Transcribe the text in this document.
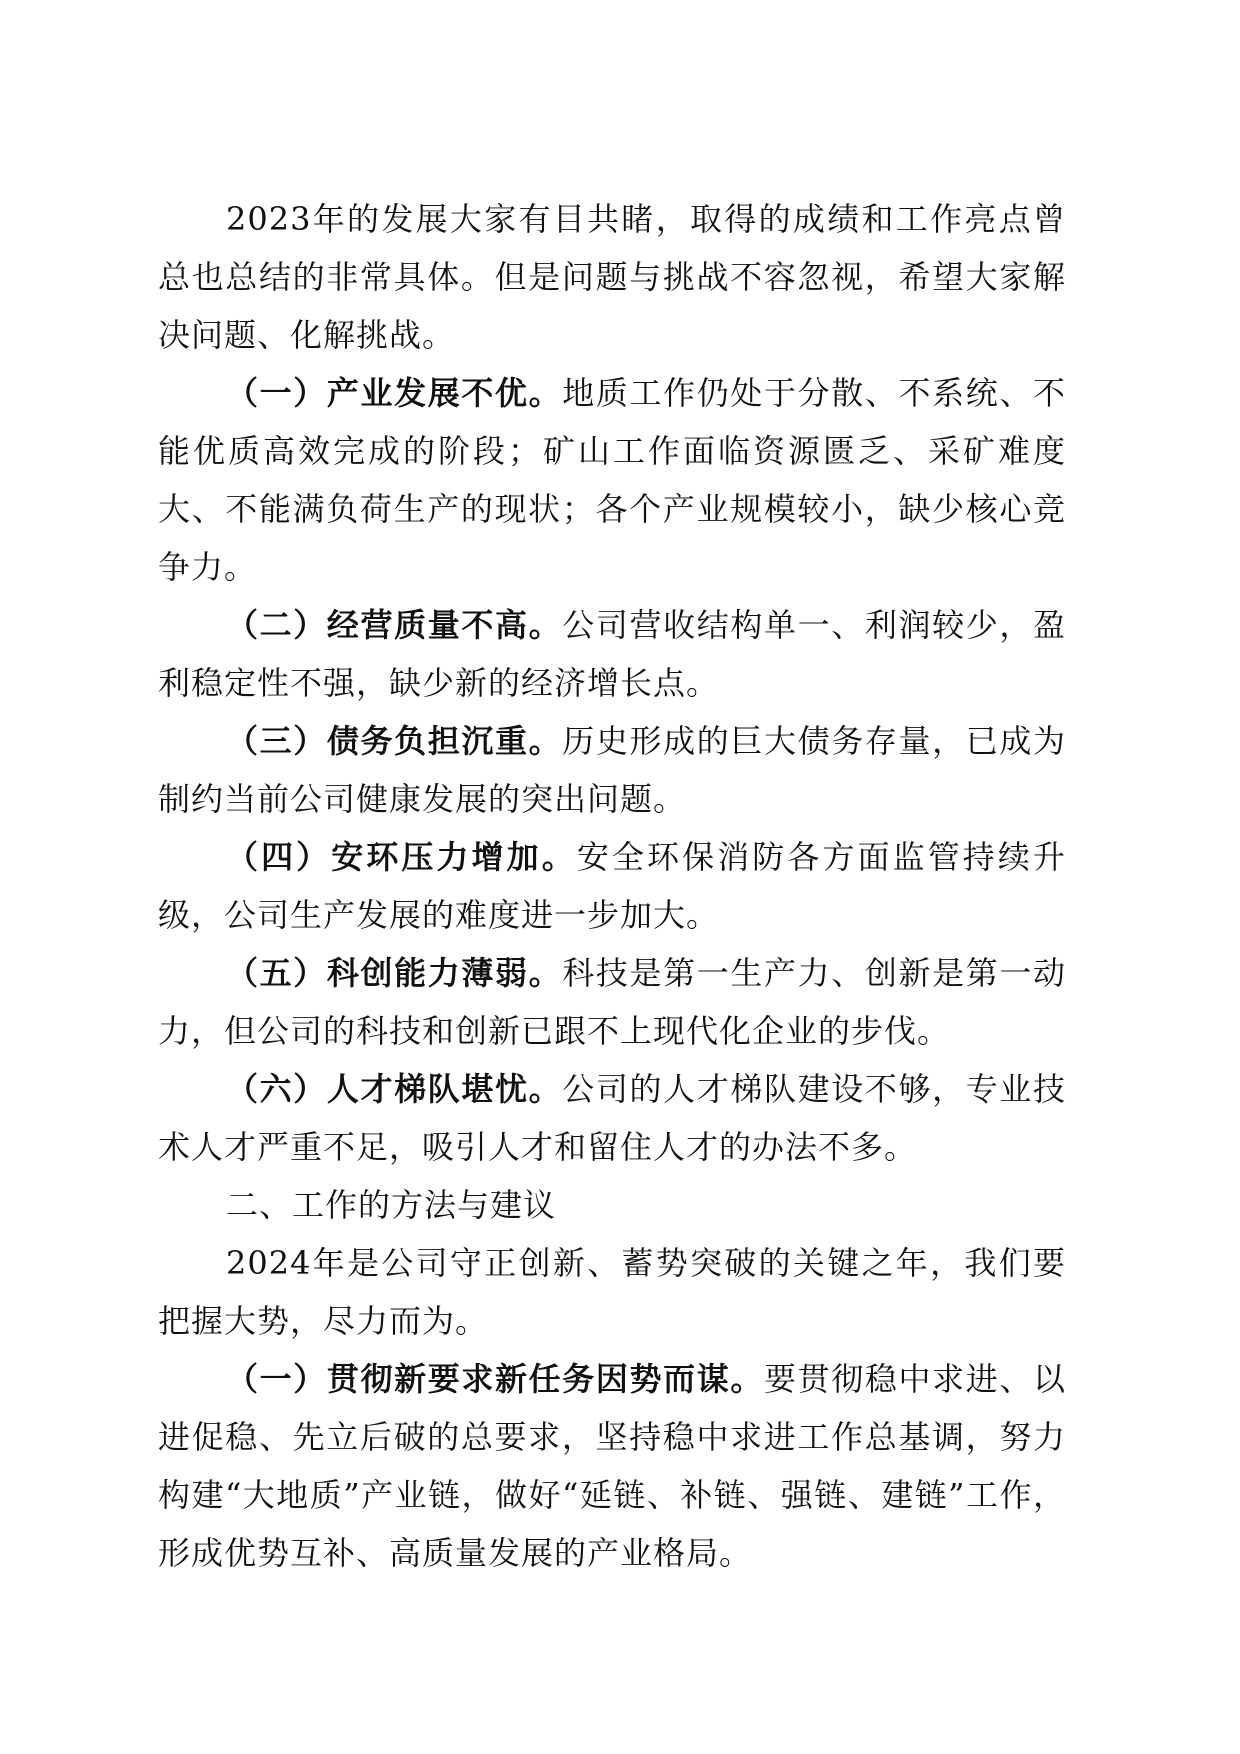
2023年的发展大家有目共睹，取得的成绩和工作亮点曾总也总结的非常具体。但是问题与挑战不容忽视，希望大家解决问题、化解挑战。

（一）产业发展不优。地质工作仍处于分散、不系统、不能优质高效完成的阶段；矿山工作面临资源匮乏、采矿难度大、不能满负荷生产的现状；各个产业规模较小，缺少核心竞争力。

（二）经营质量不高。公司营收结构单一、利润较少，盈利稳定性不强，缺少新的经济增长点。

（三）债务负担沉重。历史形成的巨大债务存量，已成为制约当前公司健康发展的突出问题。

（四）安环压力增加。安全环保消防各方面监管持续升级，公司生产发展的难度进一步加大。

（五）科创能力薄弱。科技是第一生产力、创新是第一动力，但公司的科技和创新已跟不上现代化企业的步伐。

（六）人才梯队堪忧。公司的人才梯队建设不够，专业技术人才严重不足，吸引人才和留住人才的办法不多。

二、工作的方法与建议

2024年是公司守正创新、蓄势突破的关键之年，我们要把握大势，尽力而为。

（一）贯彻新要求新任务因势而谋。要贯彻稳中求进、以进促稳、先立后破的总要求，坚持稳中求进工作总基调，努力构建“大地质”产业链，做好“延链、补链、强链、建链”工作，形成优势互补、高质量发展的产业格局。
